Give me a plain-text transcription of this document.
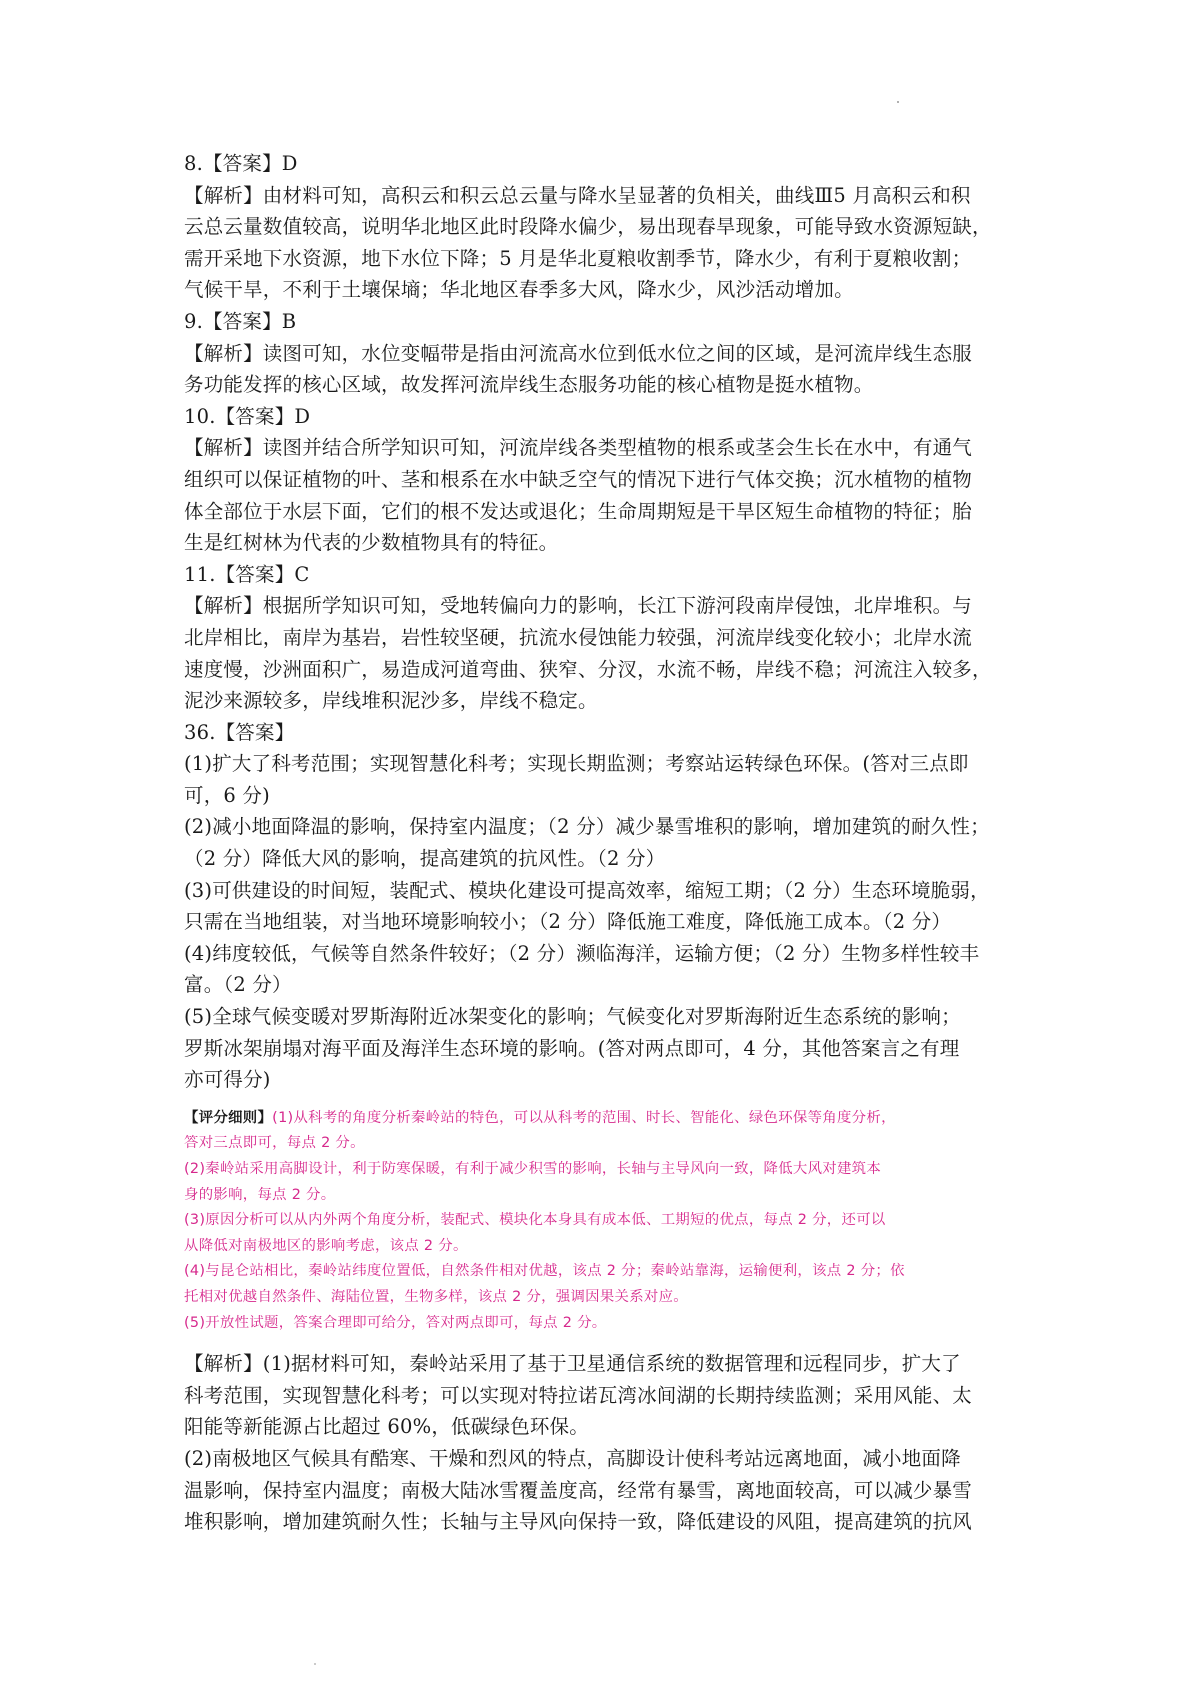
8.【答案】D
【解析】由材料可知，高积云和积云总云量与降水呈显著的负相关，曲线Ⅲ5 月高积云和积
云总云量数值较高，说明华北地区此时段降水偏少，易出现春旱现象，可能导致水资源短缺，
需开采地下水资源，地下水位下降；5 月是华北夏粮收割季节，降水少，有利于夏粮收割；
气候干旱，不利于土壤保墒；华北地区春季多大风，降水少，风沙活动增加。
9.【答案】B
【解析】读图可知，水位变幅带是指由河流高水位到低水位之间的区域，是河流岸线生态服
务功能发挥的核心区域，故发挥河流岸线生态服务功能的核心植物是挺水植物。
10.【答案】D
【解析】读图并结合所学知识可知，河流岸线各类型植物的根系或茎会生长在水中，有通气
组织可以保证植物的叶、茎和根系在水中缺乏空气的情况下进行气体交换；沉水植物的植物
体全部位于水层下面，它们的根不发达或退化；生命周期短是干旱区短生命植物的特征；胎
生是红树林为代表的少数植物具有的特征。
11.【答案】C
【解析】根据所学知识可知，受地转偏向力的影响，长江下游河段南岸侵蚀，北岸堆积。与
北岸相比，南岸为基岩，岩性较坚硬，抗流水侵蚀能力较强，河流岸线变化较小；北岸水流
速度慢，沙洲面积广，易造成河道弯曲、狭窄、分汊，水流不畅，岸线不稳；河流注入较多，
泥沙来源较多，岸线堆积泥沙多，岸线不稳定。
36.【答案】
(1)扩大了科考范围；实现智慧化科考；实现长期监测；考察站运转绿色环保。(答对三点即
可，6 分)
(2)减小地面降温的影响，保持室内温度；（2 分）减少暴雪堆积的影响，增加建筑的耐久性；
（2 分）降低大风的影响，提高建筑的抗风性。（2 分）
(3)可供建设的时间短，装配式、模块化建设可提高效率，缩短工期；（2 分）生态环境脆弱，
只需在当地组装，对当地环境影响较小；（2 分）降低施工难度，降低施工成本。（2 分）
(4)纬度较低，气候等自然条件较好；（2 分）濒临海洋，运输方便；（2 分）生物多样性较丰
富。（2 分）
(5)全球气候变暖对罗斯海附近冰架变化的影响；气候变化对罗斯海附近生态系统的影响；
罗斯冰架崩塌对海平面及海洋生态环境的影响。(答对两点即可，4 分，其他答案言之有理
亦可得分)
【评分细则】(1)从科考的角度分析秦岭站的特色，可以从科考的范围、时长、智能化、绿色环保等角度分析，
答对三点即可，每点 2 分。
(2)秦岭站采用高脚设计，利于防寒保暖，有利于减少积雪的影响，长轴与主导风向一致，降低大风对建筑本
身的影响，每点 2 分。
(3)原因分析可以从内外两个角度分析，装配式、模块化本身具有成本低、工期短的优点，每点 2 分，还可以
从降低对南极地区的影响考虑，该点 2 分。
(4)与昆仑站相比，秦岭站纬度位置低，自然条件相对优越，该点 2 分；秦岭站靠海，运输便利，该点 2 分；依
托相对优越自然条件、海陆位置，生物多样，该点 2 分，强调因果关系对应。
(5)开放性试题，答案合理即可给分，答对两点即可，每点 2 分。
【解析】(1)据材料可知，秦岭站采用了基于卫星通信系统的数据管理和远程同步，扩大了
科考范围，实现智慧化科考；可以实现对特拉诺瓦湾冰间湖的长期持续监测；采用风能、太
阳能等新能源占比超过 60%，低碳绿色环保。
(2)南极地区气候具有酷寒、干燥和烈风的特点，高脚设计使科考站远离地面，减小地面降
温影响，保持室内温度；南极大陆冰雪覆盖度高，经常有暴雪，离地面较高，可以减少暴雪
堆积影响，增加建筑耐久性；长轴与主导风向保持一致，降低建设的风阻，提高建筑的抗风
